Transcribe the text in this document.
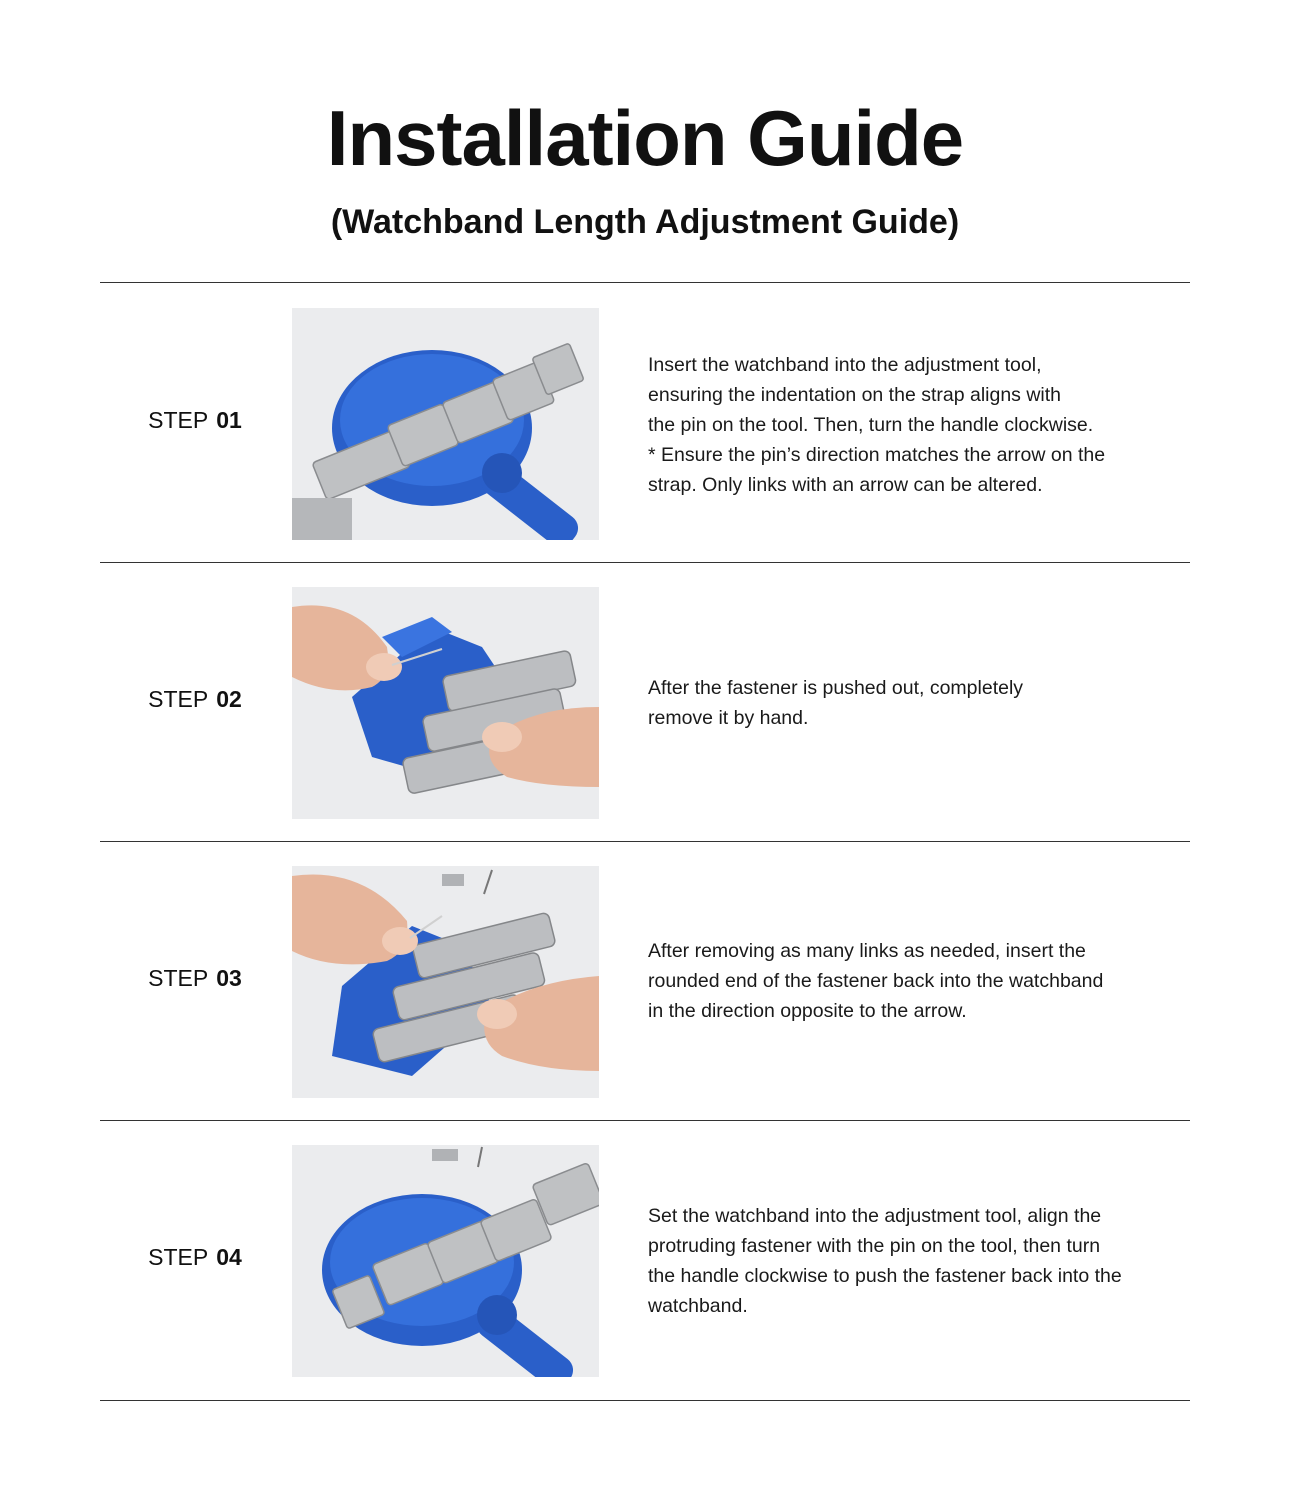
Installation Guide
(Watchband Length Adjustment Guide)
STEP 01

Insert the watchband into the adjustment tool,
ensuring the indentation on the strap aligns with
the pin on the tool. Then, turn the handle clockwise.
* Ensure the pin’s direction matches the arrow on the
strap. Only links with an arrow can be altered.

STEP 02	After the fastener is pushed out, completely
remove it by hand.

STEP 03

After removing as many links as needed, insert the
rounded end of the fastener back into the watchband
in the direction opposite to the arrow.

STEP 04

Set the watchband into the adjustment tool, align the
protruding fastener with the pin on the tool, then turn
the handle clockwise to push the fastener back into the
watchband.
